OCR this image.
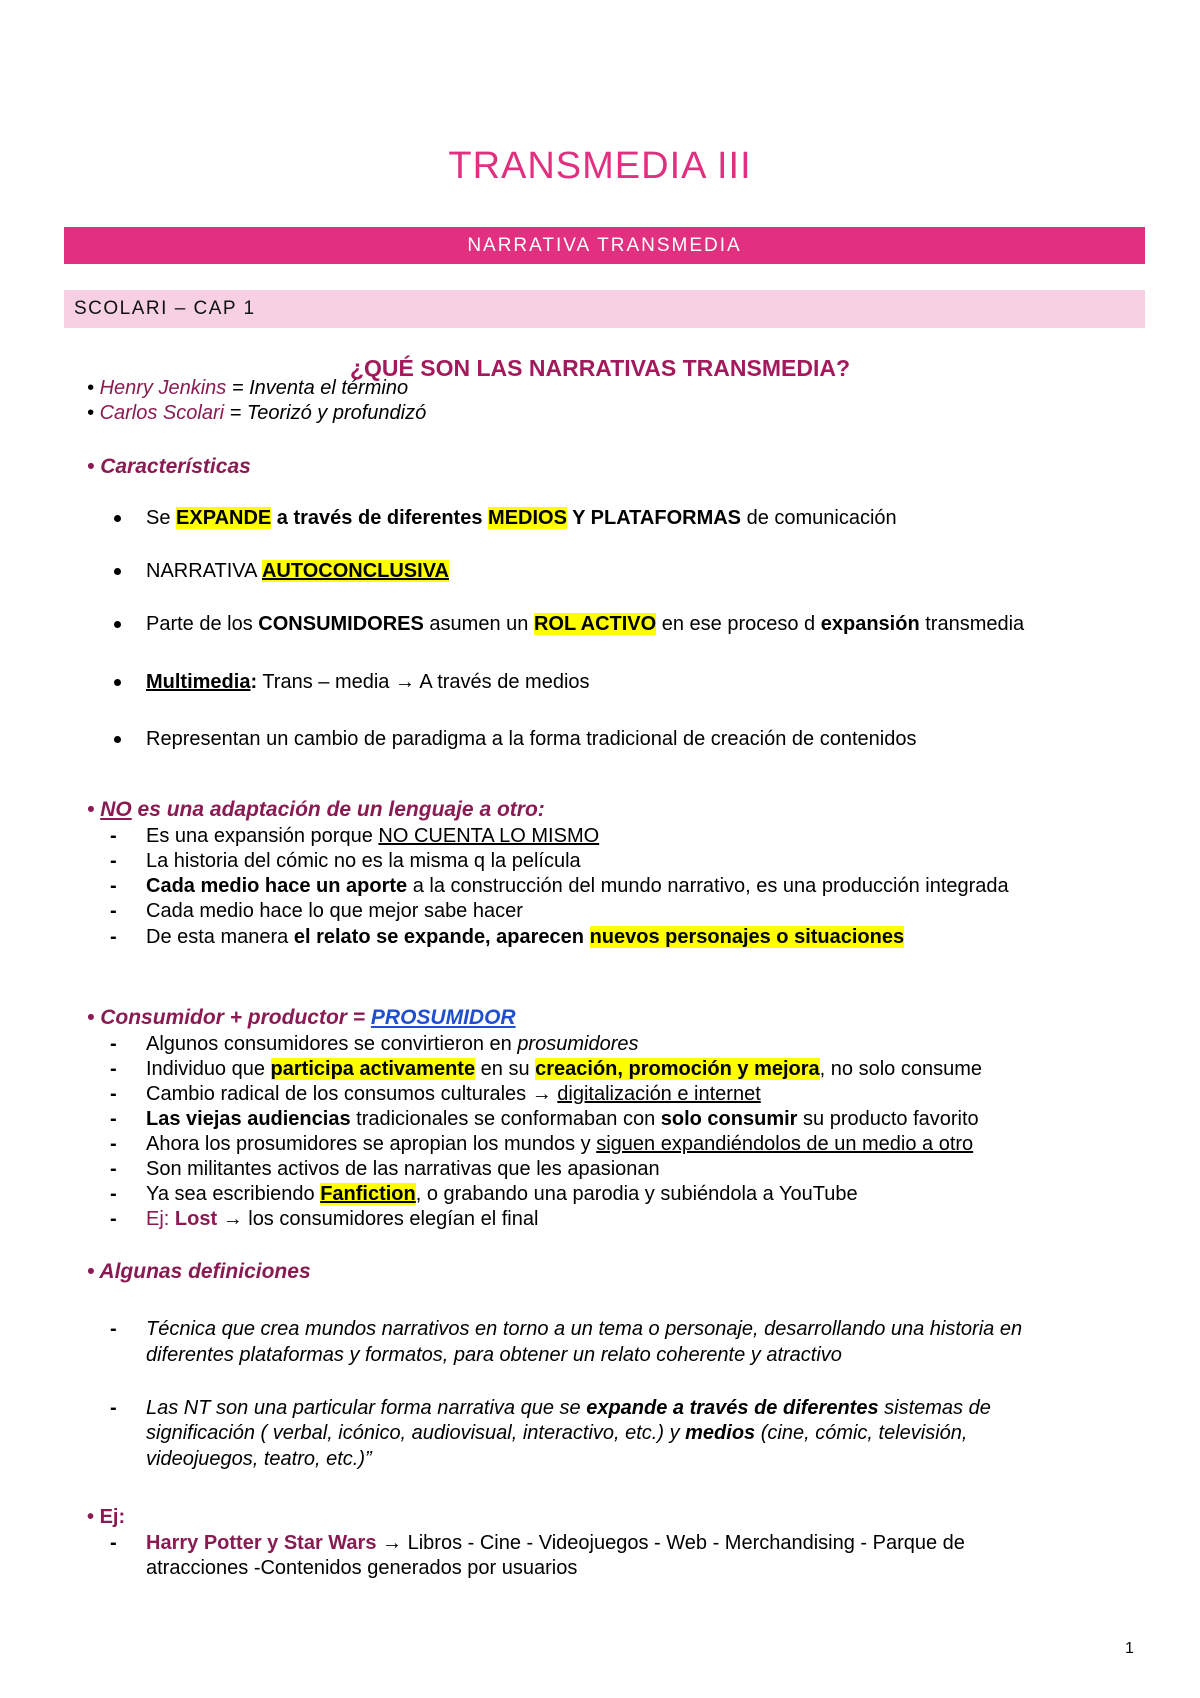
TRANSMEDIA III
NARRATIVA TRANSMEDIA
SCOLARI – CAP 1
¿QUÉ SON LAS NARRATIVAS TRANSMEDIA?
• Henry Jenkins = Inventa el término
• Carlos Scolari = Teorizó y profundizó
• Características
Se EXPANDE a través de diferentes MEDIOS Y PLATAFORMAS de comunicación
NARRATIVA AUTOCONCLUSIVA
Parte de los CONSUMIDORES asumen un ROL ACTIVO en ese proceso d expansión transmedia
Multimedia: Trans – media → A través de medios
Representan un cambio de paradigma a la forma tradicional de creación de contenidos
• NO es una adaptación de un lenguaje a otro:
- Es una expansión porque NO CUENTA LO MISMO
- La historia del cómic no es la misma q la película
- Cada medio hace un aporte a la construcción del mundo narrativo, es una producción integrada
- Cada medio hace lo que mejor sabe hacer
- De esta manera el relato se expande, aparecen nuevos personajes o situaciones
• Consumidor + productor = PROSUMIDOR
- Algunos consumidores se convirtieron en prosumidores
- Individuo que participa activamente en su creación, promoción y mejora, no solo consume
- Cambio radical de los consumos culturales → digitalización e internet
- Las viejas audiencias tradicionales se conformaban con solo consumir su producto favorito
- Ahora los prosumidores se apropian los mundos y siguen expandiéndolos de un medio a otro
- Son militantes activos de las narrativas que les apasionan
- Ya sea escribiendo Fanfiction, o grabando una parodia y subiéndola a YouTube
- Ej: Lost → los consumidores elegían el final
• Algunas definiciones
- Técnica que crea mundos narrativos en torno a un tema o personaje, desarrollando una historia en
diferentes plataformas y formatos, para obtener un relato coherente y atractivo
- Las NT son una particular forma narrativa que se expande a través de diferentes sistemas de
significación ( verbal, icónico, audiovisual, interactivo, etc.) y medios (cine, cómic, televisión,
videojuegos, teatro, etc.)”
• Ej:
- Harry Potter y Star Wars → Libros - Cine - Videojuegos - Web - Merchandising - Parque de
atracciones -Contenidos generados por usuarios
1
